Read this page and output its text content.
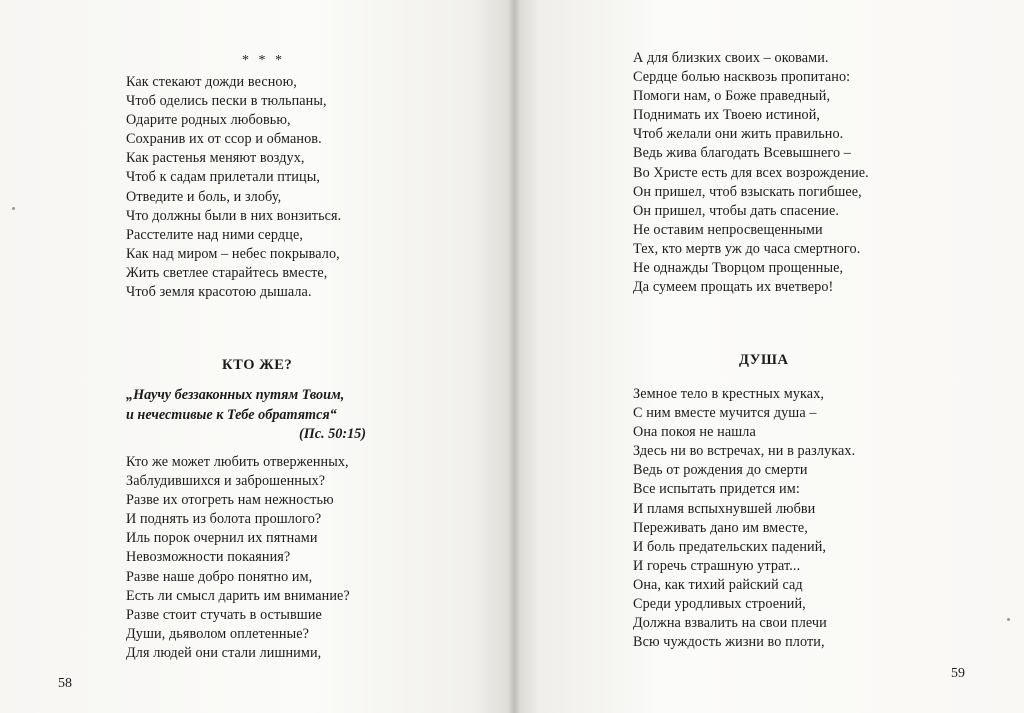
* * *
Как стекают дожди весною,
Чтоб оделись пески в тюльпаны,
Одарите родных любовью,
Сохранив их от ссор и обманов.
Как растенья меняют воздух,
Чтоб к садам прилетали птицы,
Отведите и боль, и злобу,
Что должны были в них вонзиться.
Расстелите над ними сердце,
Как над миром – небес покрывало,
Жить светлее старайтесь вместе,
Чтоб земля красотою дышала.
КТО ЖЕ?
„Научу беззаконных путям Твоим,
и нечестивые к Тебе обратятся“
(Пс. 50:15)
Кто же может любить отверженных,
Заблудившихся и заброшенных?
Разве их отогреть нам нежностью
И поднять из болота прошлого?
Иль порок очернил их пятнами
Невозможности покаяния?
Разве наше добро понятно им,
Есть ли смысл дарить им внимание?
Разве стоит стучать в остывшие
Души, дьяволом оплетенные?
Для людей они стали лишними,
58
А для близких своих – оковами.
Сердце болью насквозь пропитано:
Помоги нам, о Боже праведный,
Поднимать их Твоею истиной,
Чтоб желали они жить правильно.
Ведь жива благодать Всевышнего –
Во Христе есть для всех возрождение.
Он пришел, чтоб взыскать погибшее,
Он пришел, чтобы дать спасение.
Не оставим непросвещенными
Тех, кто мертв уж до часа смертного.
Не однажды Творцом прощенные,
Да сумеем прощать их вчетверо!
ДУША
Земное тело в крестных муках,
С ним вместе мучится душа –
Она покоя не нашла
Здесь ни во встречах, ни в разлуках.
Ведь от рождения до смерти
Все испытать придется им:
И пламя вспыхнувшей любви
Переживать дано им вместе,
И боль предательских падений,
И горечь страшную утрат...
Она, как тихий райский сад
Среди уродливых строений,
Должна взвалить на свои плечи
Всю чуждость жизни во плоти,
59
